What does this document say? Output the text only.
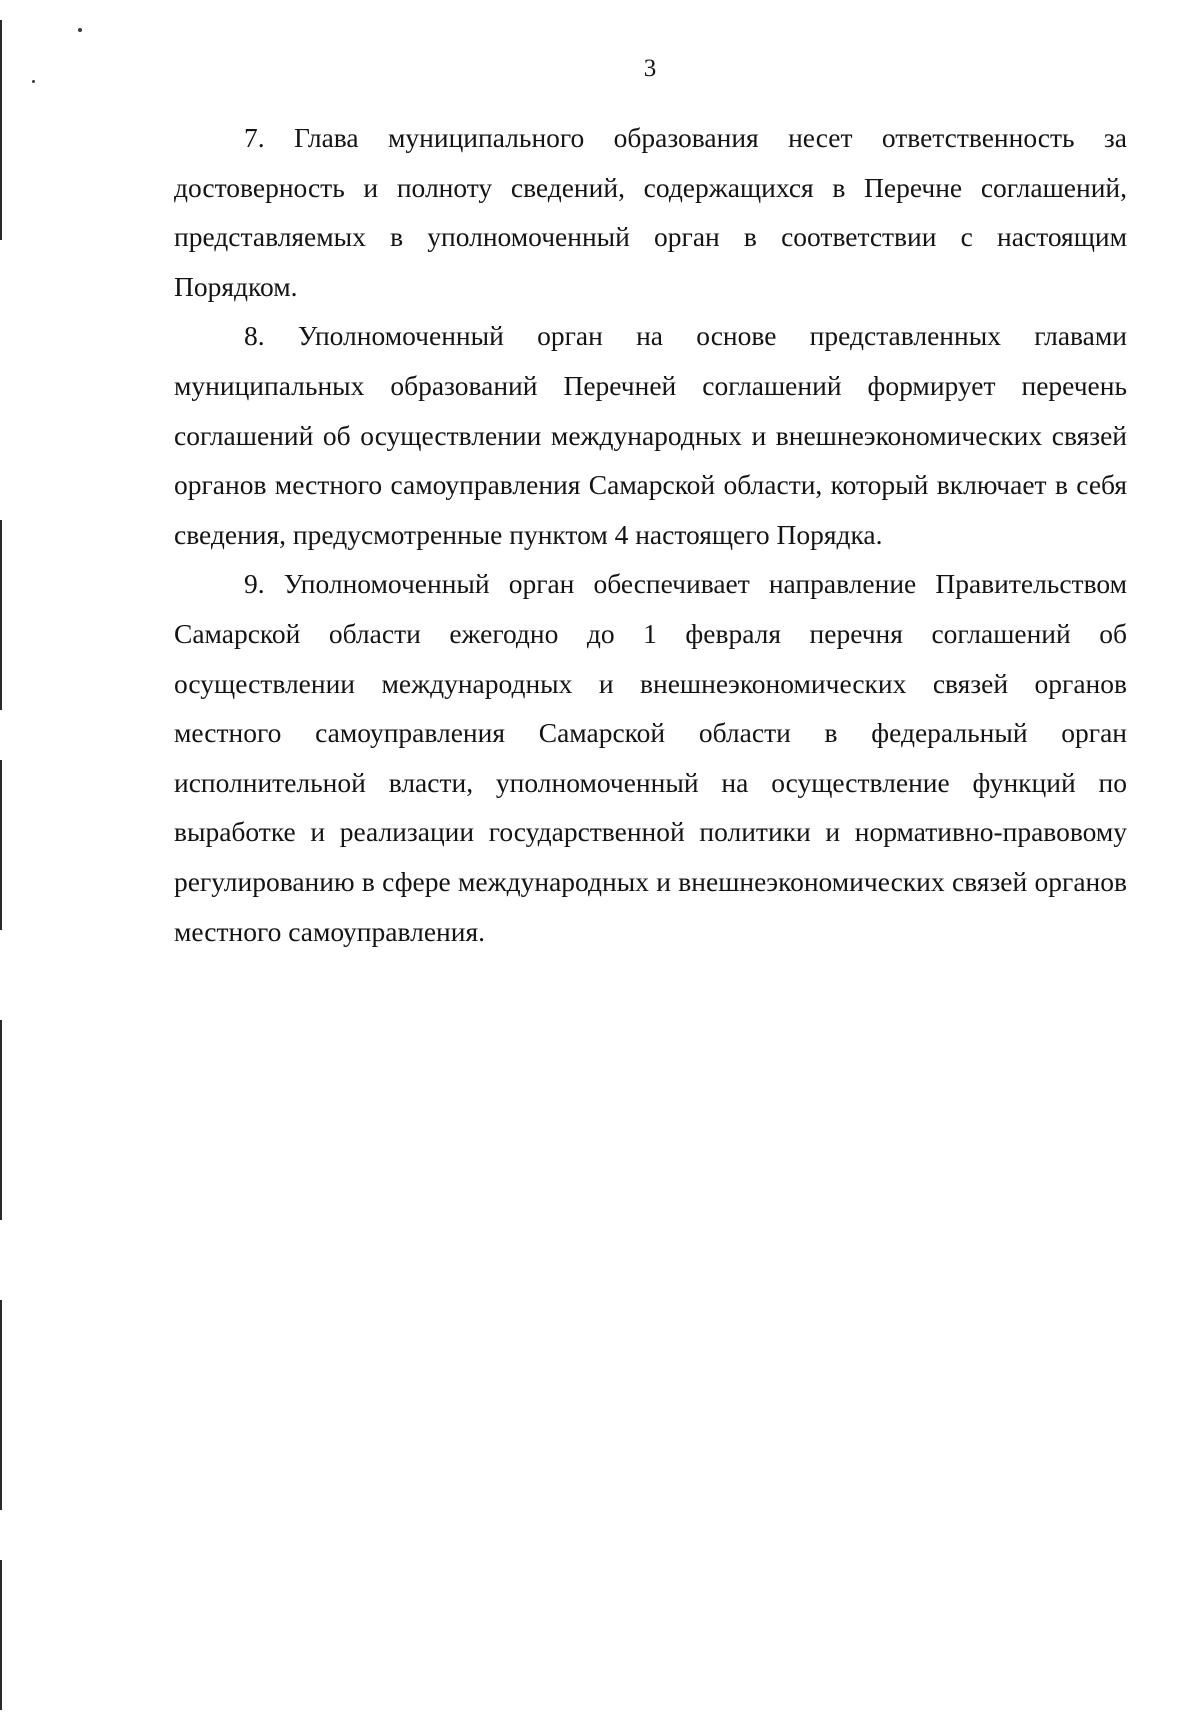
3

7. Глава муниципального образования несет ответственность за достоверность и полноту сведений, содержащихся в Перечне соглашений, представляемых в уполномоченный орган в соответствии с настоящим Порядком.

8. Уполномоченный орган на основе представленных главами муниципальных образований Перечней соглашений формирует перечень соглашений об осуществлении международных и внешнеэкономических связей органов местного самоуправления Самарской области, который включает в себя сведения, предусмотренные пунктом 4 настоящего Порядка.

9. Уполномоченный орган обеспечивает направление Правительством Самарской области ежегодно до 1 февраля перечня соглашений об осуществлении международных и внешнеэкономических связей органов местного самоуправления Самарской области в федеральный орган исполнительной власти, уполномоченный на осуществление функций по выработке и реализации государственной политики и нормативно-правовому регулированию в сфере международных и внешнеэкономических связей органов местного самоуправления.
